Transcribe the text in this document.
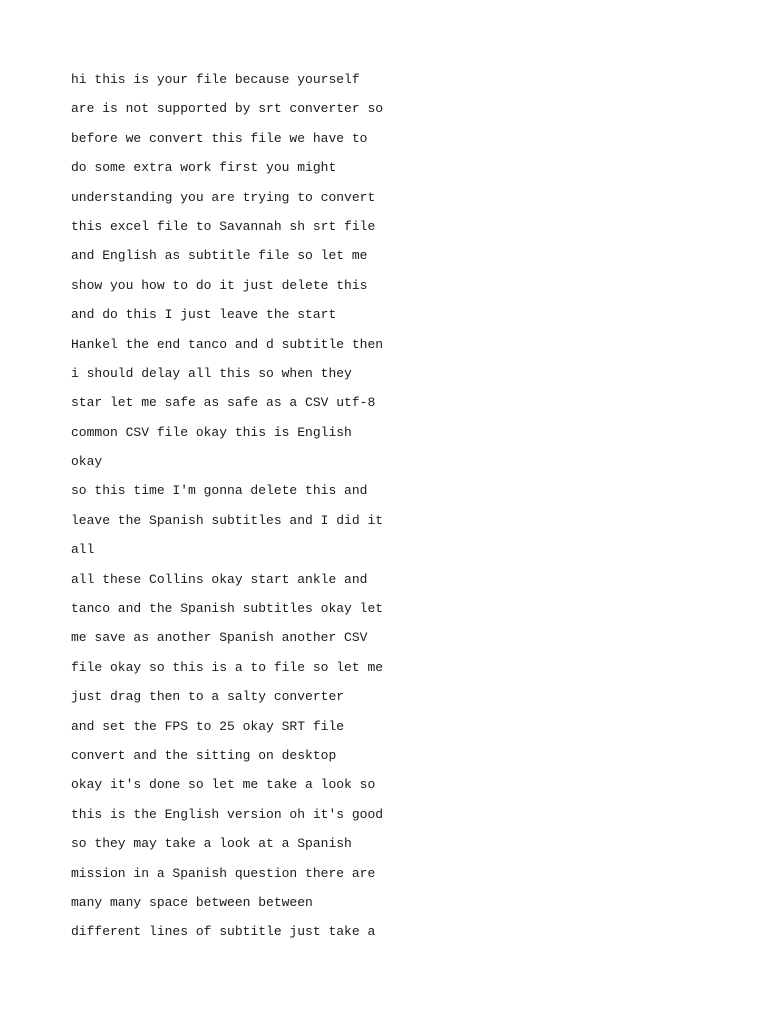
hi this is your file because yourself
are is not supported by srt converter so
before we convert this file we have to
do some extra work first you might
understanding you are trying to convert
this excel file to Savannah sh srt file
and English as subtitle file so let me
show you how to do it just delete this
and do this I just leave the start
Hankel the end tanco and d subtitle then
i should delay all this so when they
star let me safe as safe as a CSV utf-8
common CSV file okay this is English
okay
so this time I'm gonna delete this and
leave the Spanish subtitles and I did it
all
all these Collins okay start ankle and
tanco and the Spanish subtitles okay let
me save as another Spanish another CSV
file okay so this is a to file so let me
just drag then to a salty converter
and set the FPS to 25 okay SRT file
convert and the sitting on desktop
okay it's done so let me take a look so
this is the English version oh it's good
so they may take a look at a Spanish
mission in a Spanish question there are
many many space between between
different lines of subtitle just take a
